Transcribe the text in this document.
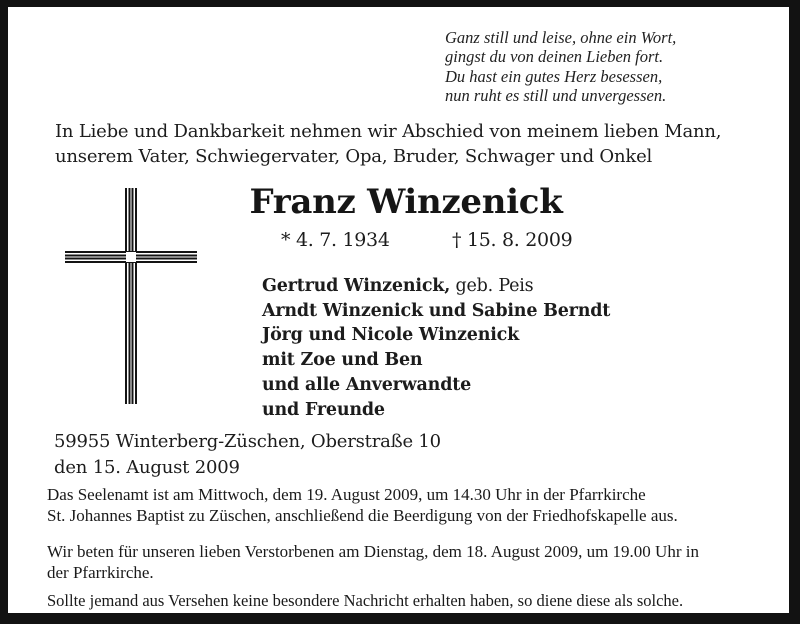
Ganz still und leise, ohne ein Wort,
gingst du von deinen Lieben fort.
Du hast ein gutes Herz besessen,
nun ruht es still und unvergessen.
In Liebe und Dankbarkeit nehmen wir Abschied von meinem lieben Mann,
unserem Vater, Schwiegervater, Opa, Bruder, Schwager und Onkel
Franz Winzenick
* 4. 7. 1934	† 15. 8. 2009
Gertrud Winzenick, geb. Peis
Arndt Winzenick und Sabine Berndt
Jörg und Nicole Winzenick
mit Zoe und Ben
und alle Anverwandte
und Freunde
59955 Winterberg-Züschen, Oberstraße 10
den 15. August 2009
Das Seelenamt ist am Mittwoch, dem 19. August 2009, um 14.30 Uhr in der Pfarrkirche
St. Johannes Baptist zu Züschen, anschließend die Beerdigung von der Friedhofskapelle aus.
Wir beten für unseren lieben Verstorbenen am Dienstag, dem 18. August 2009, um 19.00 Uhr in
der Pfarrkirche.
Sollte jemand aus Versehen keine besondere Nachricht erhalten haben, so diene diese als solche.
